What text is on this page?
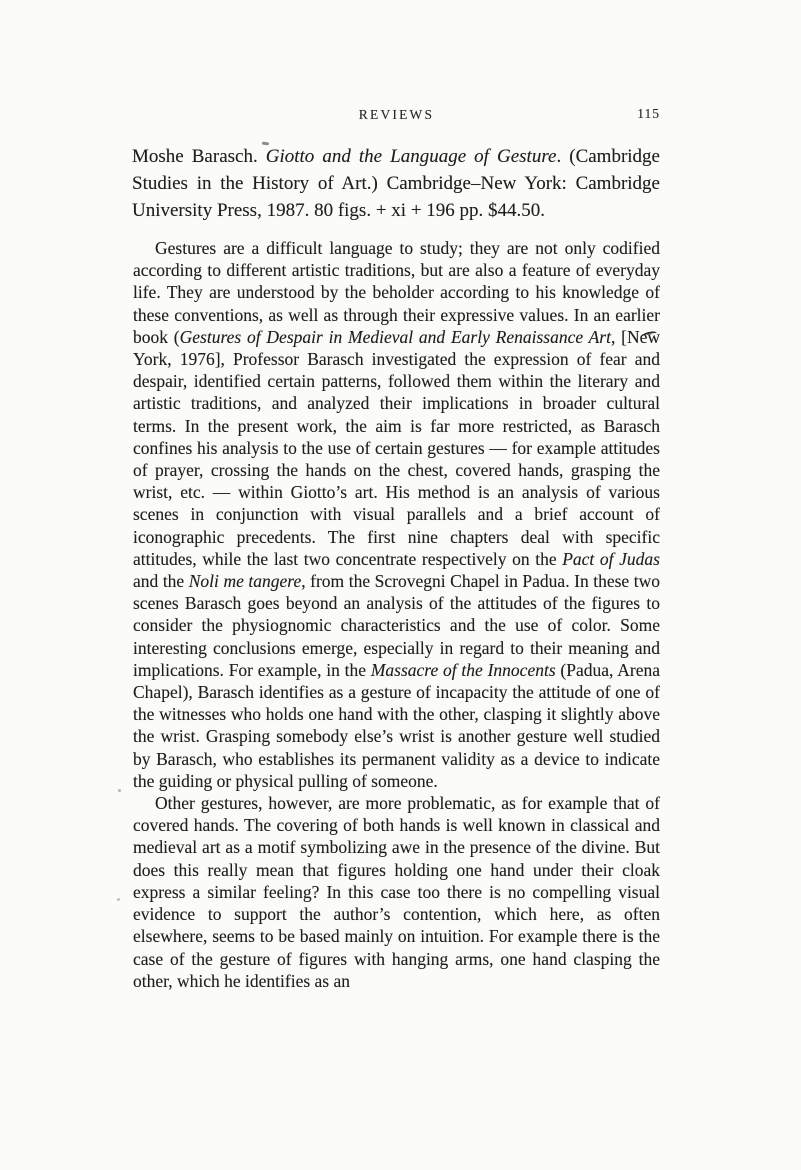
REVIEWS	115

Moshe Barasch. Giotto and the Language of Gesture. (Cambridge Studies in the History of Art.) Cambridge–New York: Cambridge University Press, 1987. 80 figs. + xi + 196 pp. $44.50.

Gestures are a difficult language to study; they are not only codified according to different artistic traditions, but are also a feature of everyday life. They are understood by the beholder according to his knowledge of these conventions, as well as through their expressive values. In an earlier book (Gestures of Despair in Medieval and Early Renaissance Art, [New York, 1976], Professor Barasch investigated the expression of fear and despair, identified certain patterns, followed them within the literary and artistic traditions, and analyzed their implications in broader cultural terms. In the present work, the aim is far more restricted, as Barasch confines his analysis to the use of certain gestures — for example attitudes of prayer, crossing the hands on the chest, covered hands, grasping the wrist, etc. — within Giotto’s art. His method is an analysis of various scenes in conjunction with visual parallels and a brief account of iconographic precedents. The first nine chapters deal with specific attitudes, while the last two concentrate respectively on the Pact of Judas and the Noli me tangere, from the Scrovegni Chapel in Padua. In these two scenes Barasch goes beyond an analysis of the attitudes of the figures to consider the physiognomic characteristics and the use of color. Some interesting conclusions emerge, especially in regard to their meaning and implications. For example, in the Massacre of the Innocents (Padua, Arena Chapel), Barasch identifies as a gesture of incapacity the attitude of one of the witnesses who holds one hand with the other, clasping it slightly above the wrist. Grasping somebody else’s wrist is another gesture well studied by Barasch, who establishes its permanent validity as a device to indicate the guiding or physical pulling of someone.

Other gestures, however, are more problematic, as for example that of covered hands. The covering of both hands is well known in classical and medieval art as a motif symbolizing awe in the presence of the divine. But does this really mean that figures holding one hand under their cloak express a similar feeling? In this case too there is no compelling visual evidence to support the author’s contention, which here, as often elsewhere, seems to be based mainly on intuition. For example there is the case of the gesture of figures with hanging arms, one hand clasping the other, which he identifies as an
